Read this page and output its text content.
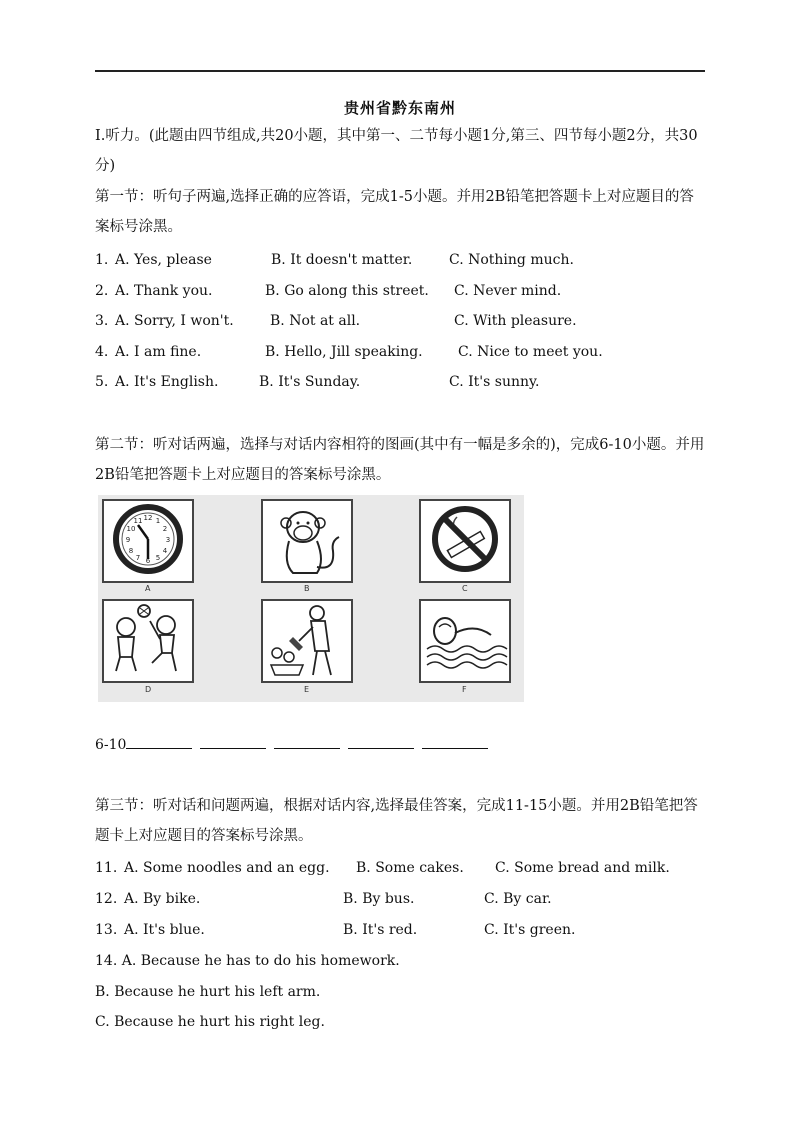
贵州省黔东南州
I.听力。(此题由四节组成,共20小题，其中第一、二节每小题1分,第三、四节每小题2分，共30分)
第一节：听句子两遍,选择正确的应答语，完成1-5小题。并用2B铅笔把答题卡上对应题目的答案标号涂黑。
1. A. Yes, please	B. It doesn't matter.	C. Nothing much.
2. A. Thank you.	B. Go along this street. C. Never mind.
3. A. Sorry, I won't.	B. Not at all.	C. With pleasure.
4. A. I am fine.	B. Hello, Jill speaking.	C. Nice to meet you.
5. A. It's English.	B. It's Sunday.	C. It's sunny.
第二节：听对话两遍，选择与对话内容相符的图画(其中有一幅是多余的)，完成6-10小题。并用2B铅笔把答题卡上对应题目的答案标号涂黑。
12
3
6
9
1
2
4
5
7
8
10
11
A	B	C
D	E	F
6-10
第三节：听对话和问题两遍，根据对话内容,选择最佳答案，完成11-15小题。并用2B铅笔把答题卡上对应题目的答案标号涂黑。
11. A. Some noodles and an egg. B. Some cakes. C. Some bread and milk.
12. A. By bike.	B. By bus.	C. By car.
13. A. It's blue.	B. It's red.	C. It's green.
14. A. Because he has to do his homework.
B. Because he hurt his left arm.
C. Because he hurt his right leg.
